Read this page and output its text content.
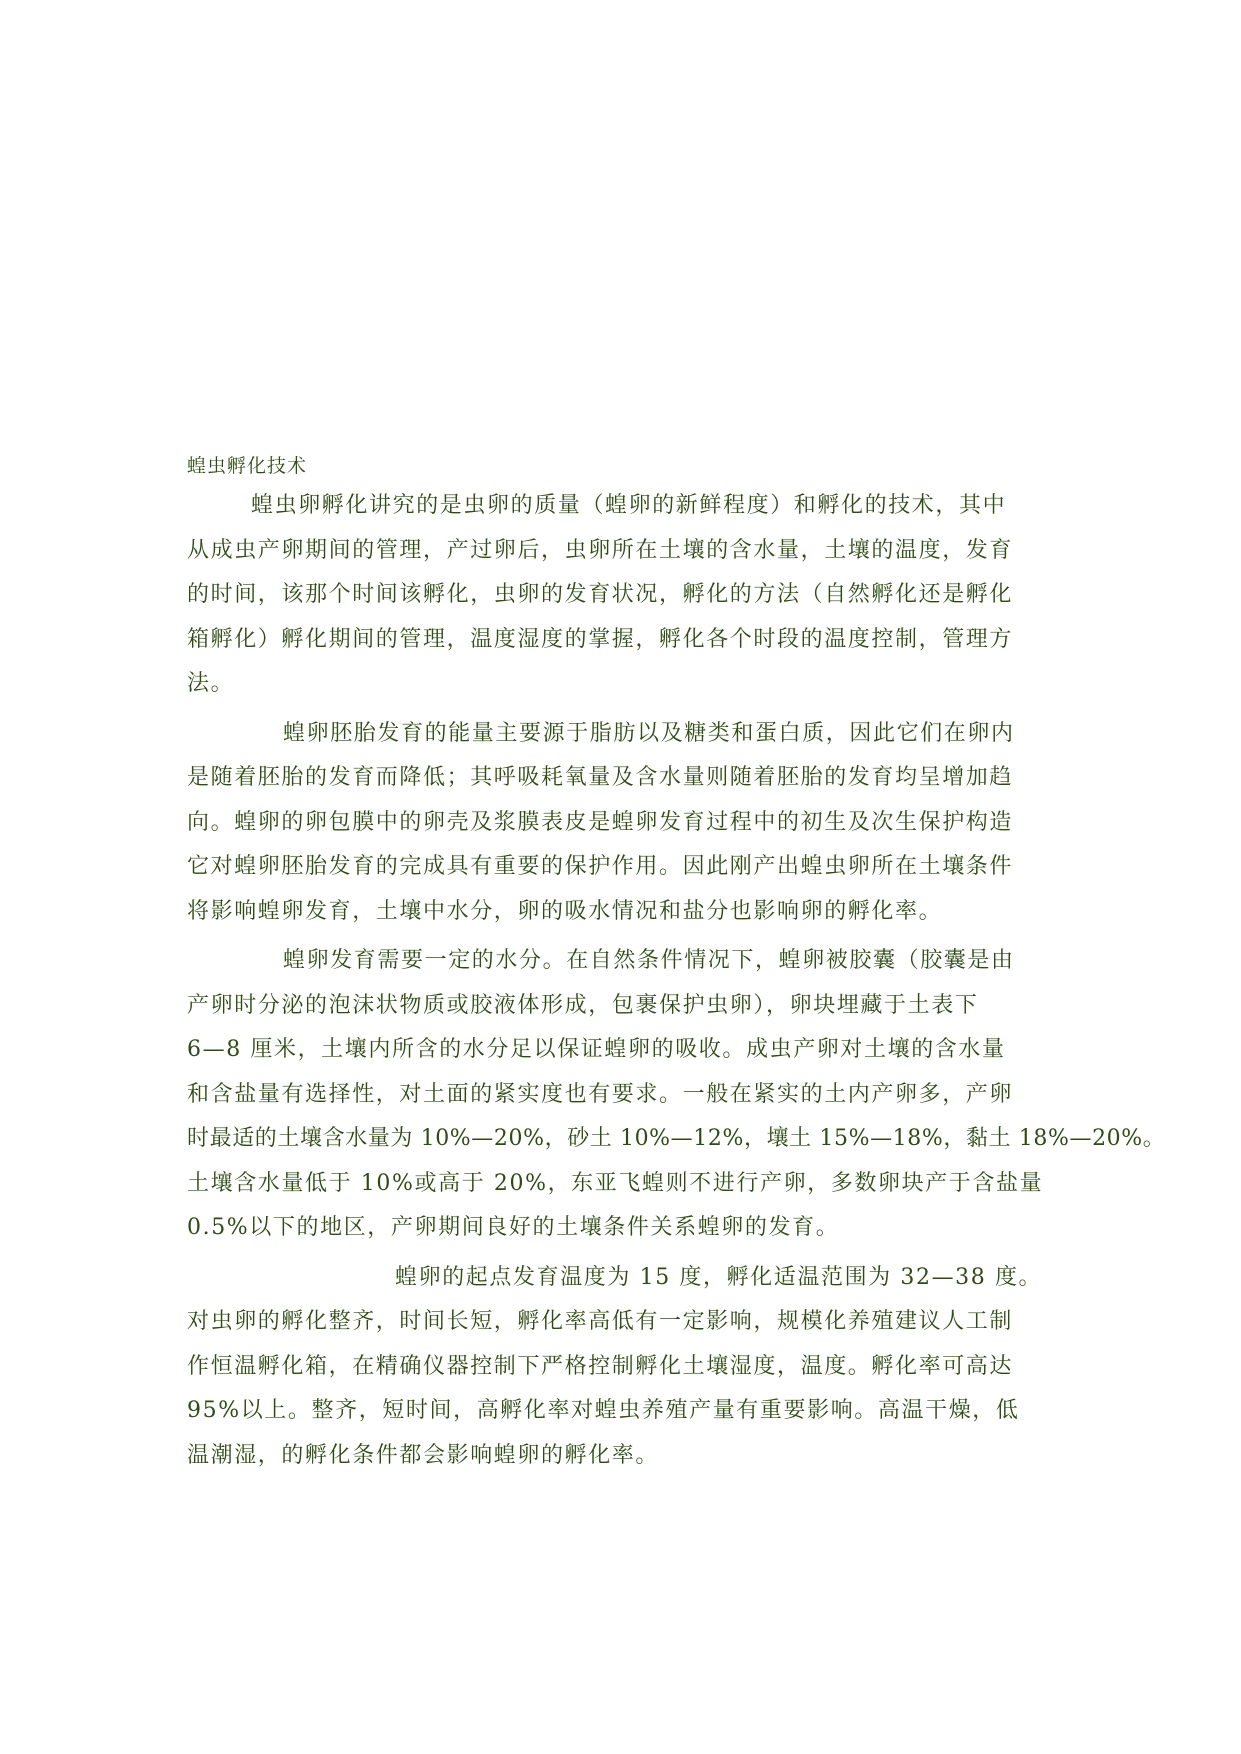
蝗虫孵化技术

蝗虫卵孵化讲究的是虫卵的质量（蝗卵的新鲜程度）和孵化的技术，其中
从成虫产卵期间的管理，产过卵后，虫卵所在土壤的含水量，土壤的温度，发育
的时间，该那个时间该孵化，虫卵的发育状况，孵化的方法（自然孵化还是孵化
箱孵化）孵化期间的管理，温度湿度的掌握，孵化各个时段的温度控制，管理方
法。

蝗卵胚胎发育的能量主要源于脂肪以及糖类和蛋白质，因此它们在卵内
是随着胚胎的发育而降低；其呼吸耗氧量及含水量则随着胚胎的发育均呈增加趋
向。蝗卵的卵包膜中的卵壳及浆膜表皮是蝗卵发育过程中的初生及次生保护构造
它对蝗卵胚胎发育的完成具有重要的保护作用。因此刚产出蝗虫卵所在土壤条件
将影响蝗卵发育，土壤中水分，卵的吸水情况和盐分也影响卵的孵化率。

蝗卵发育需要一定的水分。在自然条件情况下，蝗卵被胶囊（胶囊是由
产卵时分泌的泡沫状物质或胶液体形成，包裹保护虫卵），卵块埋藏于土表下
6—8 厘米，土壤内所含的水分足以保证蝗卵的吸收。成虫产卵对土壤的含水量
和含盐量有选择性，对土面的紧实度也有要求。一般在紧实的土内产卵多，产卵
时最适的土壤含水量为 10%—20%，砂土 10%—12%，壤土 15%—18%，黏土 18%—20%。
土壤含水量低于 10%或高于 20%，东亚飞蝗则不进行产卵，多数卵块产于含盐量
0.5%以下的地区，产卵期间良好的土壤条件关系蝗卵的发育。

蝗卵的起点发育温度为 15 度，孵化适温范围为 32—38 度。
对虫卵的孵化整齐，时间长短，孵化率高低有一定影响，规模化养殖建议人工制
作恒温孵化箱，在精确仪器控制下严格控制孵化土壤湿度，温度。孵化率可高达
95%以上。整齐，短时间，高孵化率对蝗虫养殖产量有重要影响。高温干燥，低
温潮湿，的孵化条件都会影响蝗卵的孵化率。
